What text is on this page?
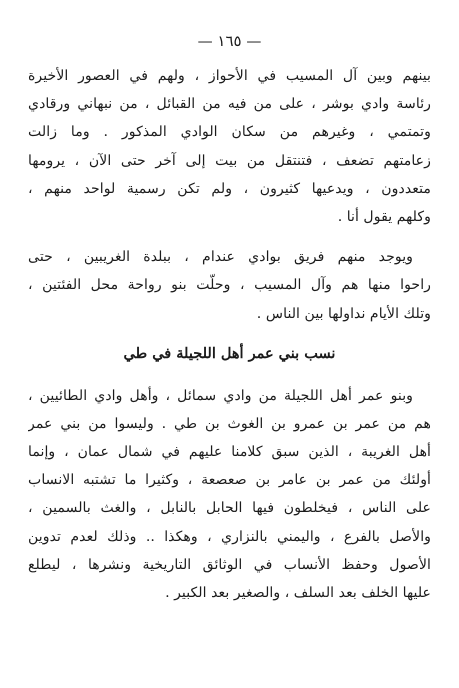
— ١٦٥ —
بينهم وبين آل المسيب في الأحواز ، ولهم في العصور الأخيرة
رئاسة وادي بوشر ، على من فيه من القبائل ، من نبهاني ورقادي
وتمتمي ، وغيرهم من سكان الوادي المذكور . وما زالت
زعامتهم تضعف ، فتنتقل من بيت إلى آخر حتى الآن ، يرومها
متعددون ، ويدعيها كثيرون ، ولم تكن رسمية لواحد منهم ،
وكلهم يقول أنا .
ويوجد منهم فريق بوادي عندام ، ببلدة الغريبين ، حتى
راحوا منها هم وآل المسيب ، وحلّت بنو رواحة محل الفئتين ،
وتلك الأيام نداولها بين الناس .
نسب بني عمر أهل اللجيلة في طي
وبنو عمر أهل اللجيلة من وادي سمائل ، وأهل وادي الطائيين ،
هم من عمر بن عمرو بن الغوث بن طي . وليسوا من بني عمر
أهل الغريبة ، الذين سبق كلامنا عليهم في شمال عمان ، وإنما
أولئك من عمر بن عامر بن صعصعة ، وكثيرا ما تشتبه الانساب
على الناس ، فيخلطون فيها الحابل بالنابل ، والغث بالسمين ،
والأصل بالفرع ، واليمني بالنزاري ، وهكذا .. وذلك لعدم تدوين
الأصول وحفظ الأنساب في الوثائق التاريخية ونشرها ، ليطلع
عليها الخلف بعد السلف ، والصغير بعد الكبير .
